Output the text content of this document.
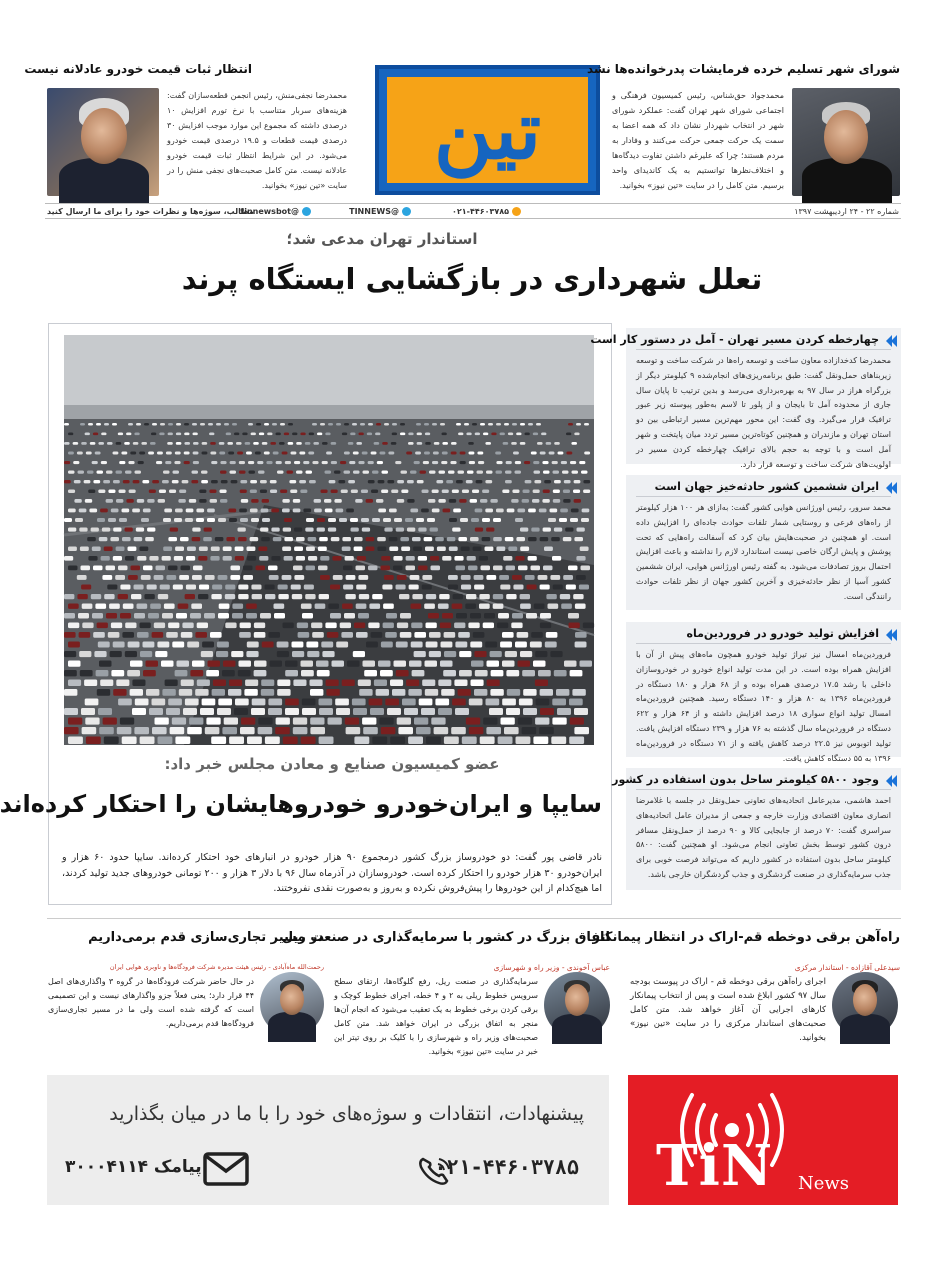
انتظار ثبات قیمت خودرو عادلانه نیست
محمدرضا نجفی‌منش، رئیس انجمن قطعه‌سازان گفت: هزینه‌های سربار متناسب با نرخ تورم افزایش ۱۰ درصدی داشته که مجموع این موارد موجب افزایش ۳۰ درصدی قیمت قطعات و ۱۹.۵ درصدی قیمت خودرو می‌شود. در این شرایط انتظار ثبات قیمت خودرو عادلانه نیست. متن کامل صحبت‌های نجفی منش را در سایت «تین نیوز» بخوانید.
تین
شورای شهر تسلیم خرده فرمایشات پدرخوانده‌ها نشد
محمدجواد حق‌شناس، رئیس کمیسیون فرهنگی و اجتماعی شورای شهر تهران گفت: عملکرد شورای شهر در انتخاب شهردار نشان داد که همه اعضا به سمت یک حرکت جمعی حرکت می‌کنند و وفادار به مردم هستند؛ چرا که علیرغم داشتن تفاوت دیدگاه‌ها و اختلاف‌نظرها توانستیم به یک کاندیدای واحد برسیم. متن کامل را در سایت «تین نیوز» بخوانید.
شماره ۲۲ - ۲۴ اردیبهشت ۱۳۹۷
۰۲۱-۴۴۶۰۳۷۸۵
@TINNEWS
@tinnewsbot
مطالب، سوژه‌ها و نظرات خود را برای ما ارسال کنید
استاندار تهران مدعی شد؛
تعلل شهرداری در بازگشایی ایستگاه پرند
عضو کمیسیون صنایع و معادن مجلس خبر داد:
سایپا و ایران‌خودرو خودروهایشان را احتکار کرده‌اند
نادر قاضی پور گفت: دو خودروساز بزرگ کشور درمجموع ۹۰ هزار خودرو در انبارهای خود احتکار کرده‌اند. سایپا حدود ۶۰ هزار و ایران‌خودرو ۳۰ هزار خودرو را احتکار کرده است. خودروسازان در آذرماه سال ۹۶ با دلار ۳ هزار و ۲۰۰ تومانی خودروهای جدید تولید کردند، اما هیچ‌کدام از این خودروها را پیش‌فروش نکرده و به‌روز و به‌صورت نقدی نفروختند.
چهارخطه کردن مسیر تهران - آمل در دستور کار است
محمدرضا کدخدازاده معاون ساخت و توسعه راه‌ها در شرکت ساخت و توسعه زیربناهای حمل‌ونقل گفت: طبق برنامه‌ریزی‌های انجام‌شده ۹ کیلومتر دیگر از بزرگراه هراز در سال ۹۷ به بهره‌برداری می‌رسد و بدین ترتیب تا پایان سال جاری از محدوده آمل تا بایجان و از پلور تا لاسم به‌طور پیوسته زیر عبور ترافیک قرار می‌گیرد. وی گفت: این محور مهم‌ترین مسیر ارتباطی بین دو استان تهران و مازندران و همچنین کوتاه‌ترین مسیر تردد میان پایتخت و شهر آمل است و با توجه به حجم بالای ترافیک چهارخطه کردن مسیر در اولویت‌های شرکت ساخت و توسعه قرار دارد.
ایران ششمین کشور حادثه‌خیز جهان است
محمد سرور، رئیس اورژانس هوایی کشور گفت: به‌ازای هر ۱۰۰ هزار کیلومتر از راه‌های فرعی و روستایی شمار تلفات حوادث جاده‌ای را افزایش داده است. او همچنین در صحبت‌هایش بیان کرد که آسفالت راه‌هایی که تحت پوشش و پایش ارگان خاصی نیست استاندارد لازم را نداشته و باعث افزایش احتمال بروز تصادفات می‌شود. به گفته رئیس اورژانس هوایی، ایران ششمین کشور آسیا از نظر حادثه‌خیزی و آخرین کشور جهان از نظر تلفات حوادث رانندگی است.
افزایش تولید خودرو در فروردین‌ماه
فروردین‌ماه امسال نیز تیراژ تولید خودرو همچون ماه‌های پیش از آن با افزایش همراه بوده است. در این مدت تولید انواع خودرو در خودروسازان داخلی با رشد ۱۷.۵ درصدی همراه بوده و از ۶۸ هزار و ۱۸۰ دستگاه در فروردین‌ماه ۱۳۹۶ به ۸۰ هزار و ۱۴۰ دستگاه رسید. همچنین فروردین‌ماه امسال تولید انواع سواری ۱۸ درصد افزایش داشته و از ۶۴ هزار و ۶۲۲ دستگاه در فروردین‌ماه سال گذشته به ۷۶ هزار و ۲۳۹ دستگاه افزایش یافت. تولید اتوبوس نیز ۲۲.۵ درصد کاهش یافته و از ۷۱ دستگاه در فروردین‌ماه ۱۳۹۶ به ۵۵ دستگاه کاهش یافت.
وجود ۵۸۰۰ کیلومتر ساحل بدون استفاده در کشور
احمد هاشمی، مدیرعامل اتحادیه‌های تعاونی حمل‌ونقل در جلسه با غلامرضا انصاری معاون اقتصادی وزارت خارجه و جمعی از مدیران عامل اتحادیه‌های سراسری گفت: ۷۰ درصد از جابجایی کالا و ۹۰ درصد از حمل‌ونقل مسافر درون کشور توسط بخش تعاونی انجام می‌شود. او همچنین گفت: ۵۸۰۰ کیلومتر ساحل بدون استفاده در کشور داریم که می‌تواند فرصت خوبی برای جذب سرمایه‌گذاری در صنعت گردشگری و جذب گردشگران خارجی باشد.
راه‌آهن برقی دوخطه قم-اراک در انتظار پیمانکار
سیدعلی آقازاده - استاندار مرکزی
اجرای راه‌آهن برقی دوخطه قم - اراک در پیوست بودجه سال ۹۷ کشور ابلاغ شده است و پس از انتخاب پیمانکار کارهای اجرایی آن آغاز خواهد شد. متن کامل صحبت‌های استاندار مرکزی را در سایت «تین نیوز» بخوانید.
اتفاق بزرگ در کشور با سرمایه‌گذاری در صنعت ریل
عباس آخوندی - وزیر راه و شهرسازی
سرمایه‌گذاری در صنعت ریل، رفع گلوگاه‌ها، ارتقای سطح سرویس خطوط ریلی به ۲ و ۴ خطه، اجرای خطوط کوچک و برقی کردن برخی خطوط به یک تعقیب می‌شود که انجام آن‌ها منجر به اتفاق بزرگی در ایران خواهد شد. متن کامل صحبت‌های وزیر راه و شهرسازی را با کلیک بر روی تیتر این خبر در سایت «تین نیوز» بخوانید.
در مسیر تجاری‌سازی قدم برمی‌داریم
رحمت‌الله ماه‌آبادی - رئیس هیئت مدیره شرکت فرودگاه‌ها و ناوبری هوایی ایران
در حال حاضر شرکت فرودگاه‌ها در گروه ۳ واگذاری‌های اصل ۴۴ قرار دارد؛ یعنی فعلاً جزو واگذارهای نیست و این تصمیمی است که گرفته شده است ولی ما در مسیر تجاری‌سازی فرودگاه‌ها قدم برمی‌داریم.
پیشنهادات، انتقادات و سوژه‌های خود را با ما در میان بگذارید
۰۲۱-۴۴۶۰۳۷۸۵
پیامک ۳۰۰۰۴۱۱۴	TiN News
